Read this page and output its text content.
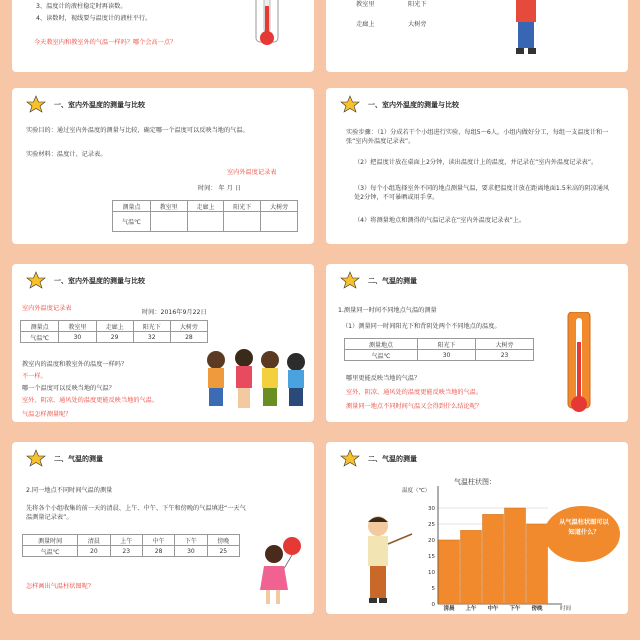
3、温度计的液柱稳定时再读数。
4、读数时，视线要与温度计的液柱平行。
今天教室内和教室外的气温一样吗？哪个会高一点？
教室里	阳光下
走廊上	大树旁
一、室内外温度的测量与比较
实验目的：通过室内外温度的测量与比较，确定哪一个温度可以反映当地的气温。
实验材料：温度计、记录表。
室内外温度记录表
时间： 年 月 日
测量点	教室里	走廊上	阳光下	大树旁
气温℃				
一、室内外温度的测量与比较
实验步骤：（1）分成若干个小组进行实验，每组5～6人，小组内做好分工，每组一支温度计和一张“室内外温度记录表”。
（2）把温度计放在桌面上2分钟，读出温度计上的温度，并记录在“室内外温度记录表”。
（3）每个小组选择室外不同的地点测量气温，要求把温度计放在距离地面1.5米高的阴凉通风处2分钟，不可暴晒或用手拿。
（4）将测量地点和测得的气温记录在“室内外温度记录表”上。
一、室内外温度的测量与比较
室内外温度记录表
时间：2016年9月22日
测量点	教室里	走廊上	阳光下	大树旁
气温℃	30	29	32	28
教室内的温度和教室外的温度一样吗？
不一样。
哪一个温度可以反映当地的气温？
室外、阴凉、通风处的温度更能反映当地的气温。
气温怎样测量呢？
二、气温的测量
1.测量同一时间不同地点气温的测量
（1）测量同一时间阳光下和背阴处两个不同地点的温度。
测量地点	阳光下	大树旁
气温℃	30	23
哪里更能反映当地的气温？
室外、阴凉、通风处的温度更能反映当地的气温。
测量同一地点不同时间气温又会得到什么结论呢？
二、气温的测量
2.同一地点不同时间气温的测量
先将各个小组收集的前一天的清晨、上午、中午、下午和傍晚的气温填进“一天气温测量记录表”。
测量时间	清晨	上午	中午	下午	傍晚
气温℃	20	23	28	30	25
怎样画出气温柱状图呢？
二、气温的测量
气温柱状图：
温度（℃）
0
5
10
15
20
25
30
清晨 上午 中午 下午 傍晚	时间
从气温柱状图可以知道什么？
